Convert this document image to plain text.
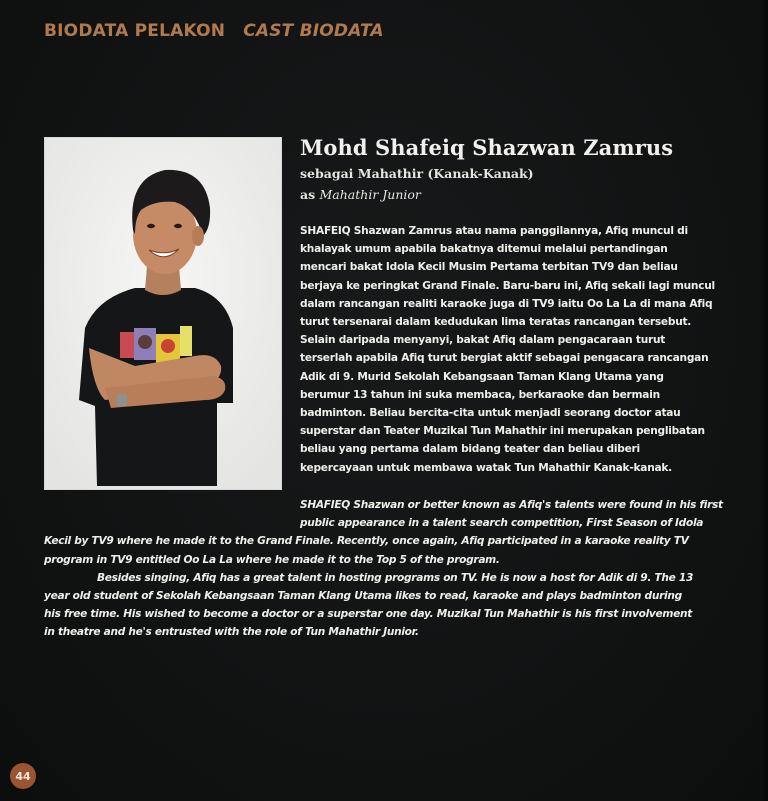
BIODATA PELAKON CAST BIODATA
Mohd Shafeiq Shazwan Zamrus
sebagai Mahathir (Kanak-Kanak)
as Mahathir Junior
SHAFEIQ Shazwan Zamrus atau nama panggilannya, Afiq muncul di
khalayak umum apabila bakatnya ditemui melalui pertandingan
mencari bakat Idola Kecil Musim Pertama terbitan TV9 dan beliau
berjaya ke peringkat Grand Finale. Baru-baru ini, Afiq sekali lagi muncul
dalam rancangan realiti karaoke juga di TV9 iaitu Oo La La di mana Afiq
turut tersenarai dalam kedudukan lima teratas rancangan tersebut.
Selain daripada menyanyi, bakat Afiq dalam pengacaraan turut
terserlah apabila Afiq turut bergiat aktif sebagai pengacara rancangan
Adik di 9. Murid Sekolah Kebangsaan Taman Klang Utama yang
berumur 13 tahun ini suka membaca, berkaraoke dan bermain
badminton. Beliau bercita-cita untuk menjadi seorang doctor atau
superstar dan Teater Muzikal Tun Mahathir ini merupakan penglibatan
beliau yang pertama dalam bidang teater dan beliau diberi
kepercayaan untuk membawa watak Tun Mahathir Kanak-kanak.
SHAFIEQ Shazwan or better known as Afiq's talents were found in his first
public appearance in a talent search competition, First Season of Idola
Kecil by TV9 where he made it to the Grand Finale. Recently, once again, Afiq participated in a karaoke reality TV
program in TV9 entitled Oo La La where he made it to the Top 5 of the program.
Besides singing, Afiq has a great talent in hosting programs on TV. He is now a host for Adik di 9. The 13
year old student of Sekolah Kebangsaan Taman Klang Utama likes to read, karaoke and plays badminton during
his free time. His wished to become a doctor or a superstar one day. Muzikal Tun Mahathir is his first involvement
in theatre and he's entrusted with the role of Tun Mahathir Junior.
44
